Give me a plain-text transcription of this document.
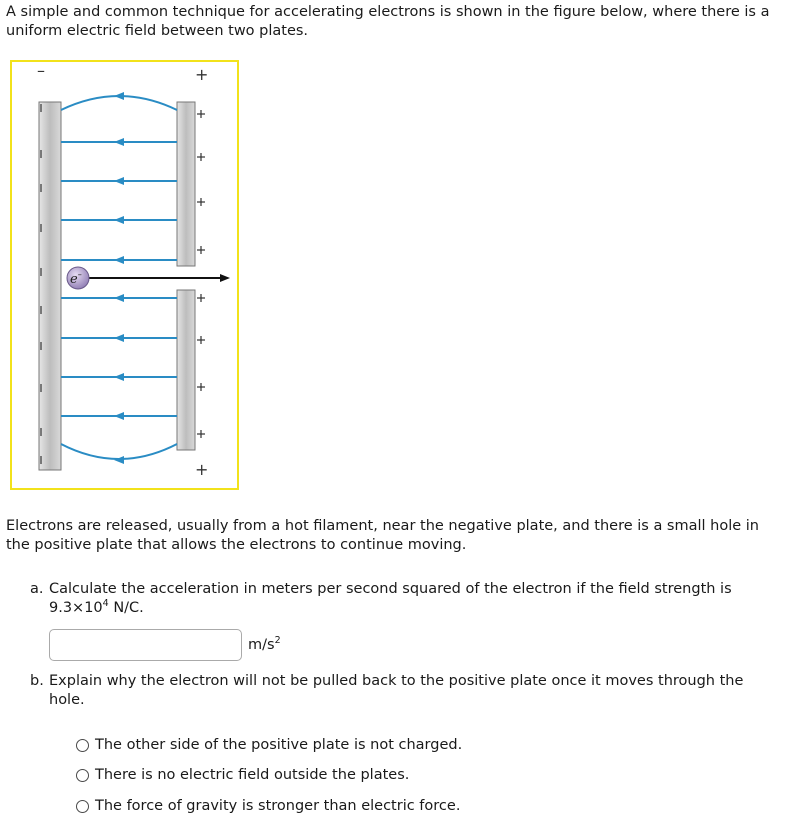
A simple and common technique for accelerating electrons is shown in the figure below, where there is a uniform electric field between two plates.

–	+
+
e–

Electrons are released, usually from a hot filament, near the negative plate, and there is a small hole in the positive plate that allows the electrons to continue moving.

a. Calculate the acceleration in meters per second squared of the electron if the field strength is
$9.3\times 10^4$ N/C.
$m/s^2$
b. Explain why the electron will not be pulled back to the positive plate once it moves through the
hole.
The other side of the positive plate is not charged.
There is no electric field outside the plates.
The force of gravity is stronger than electric force.
